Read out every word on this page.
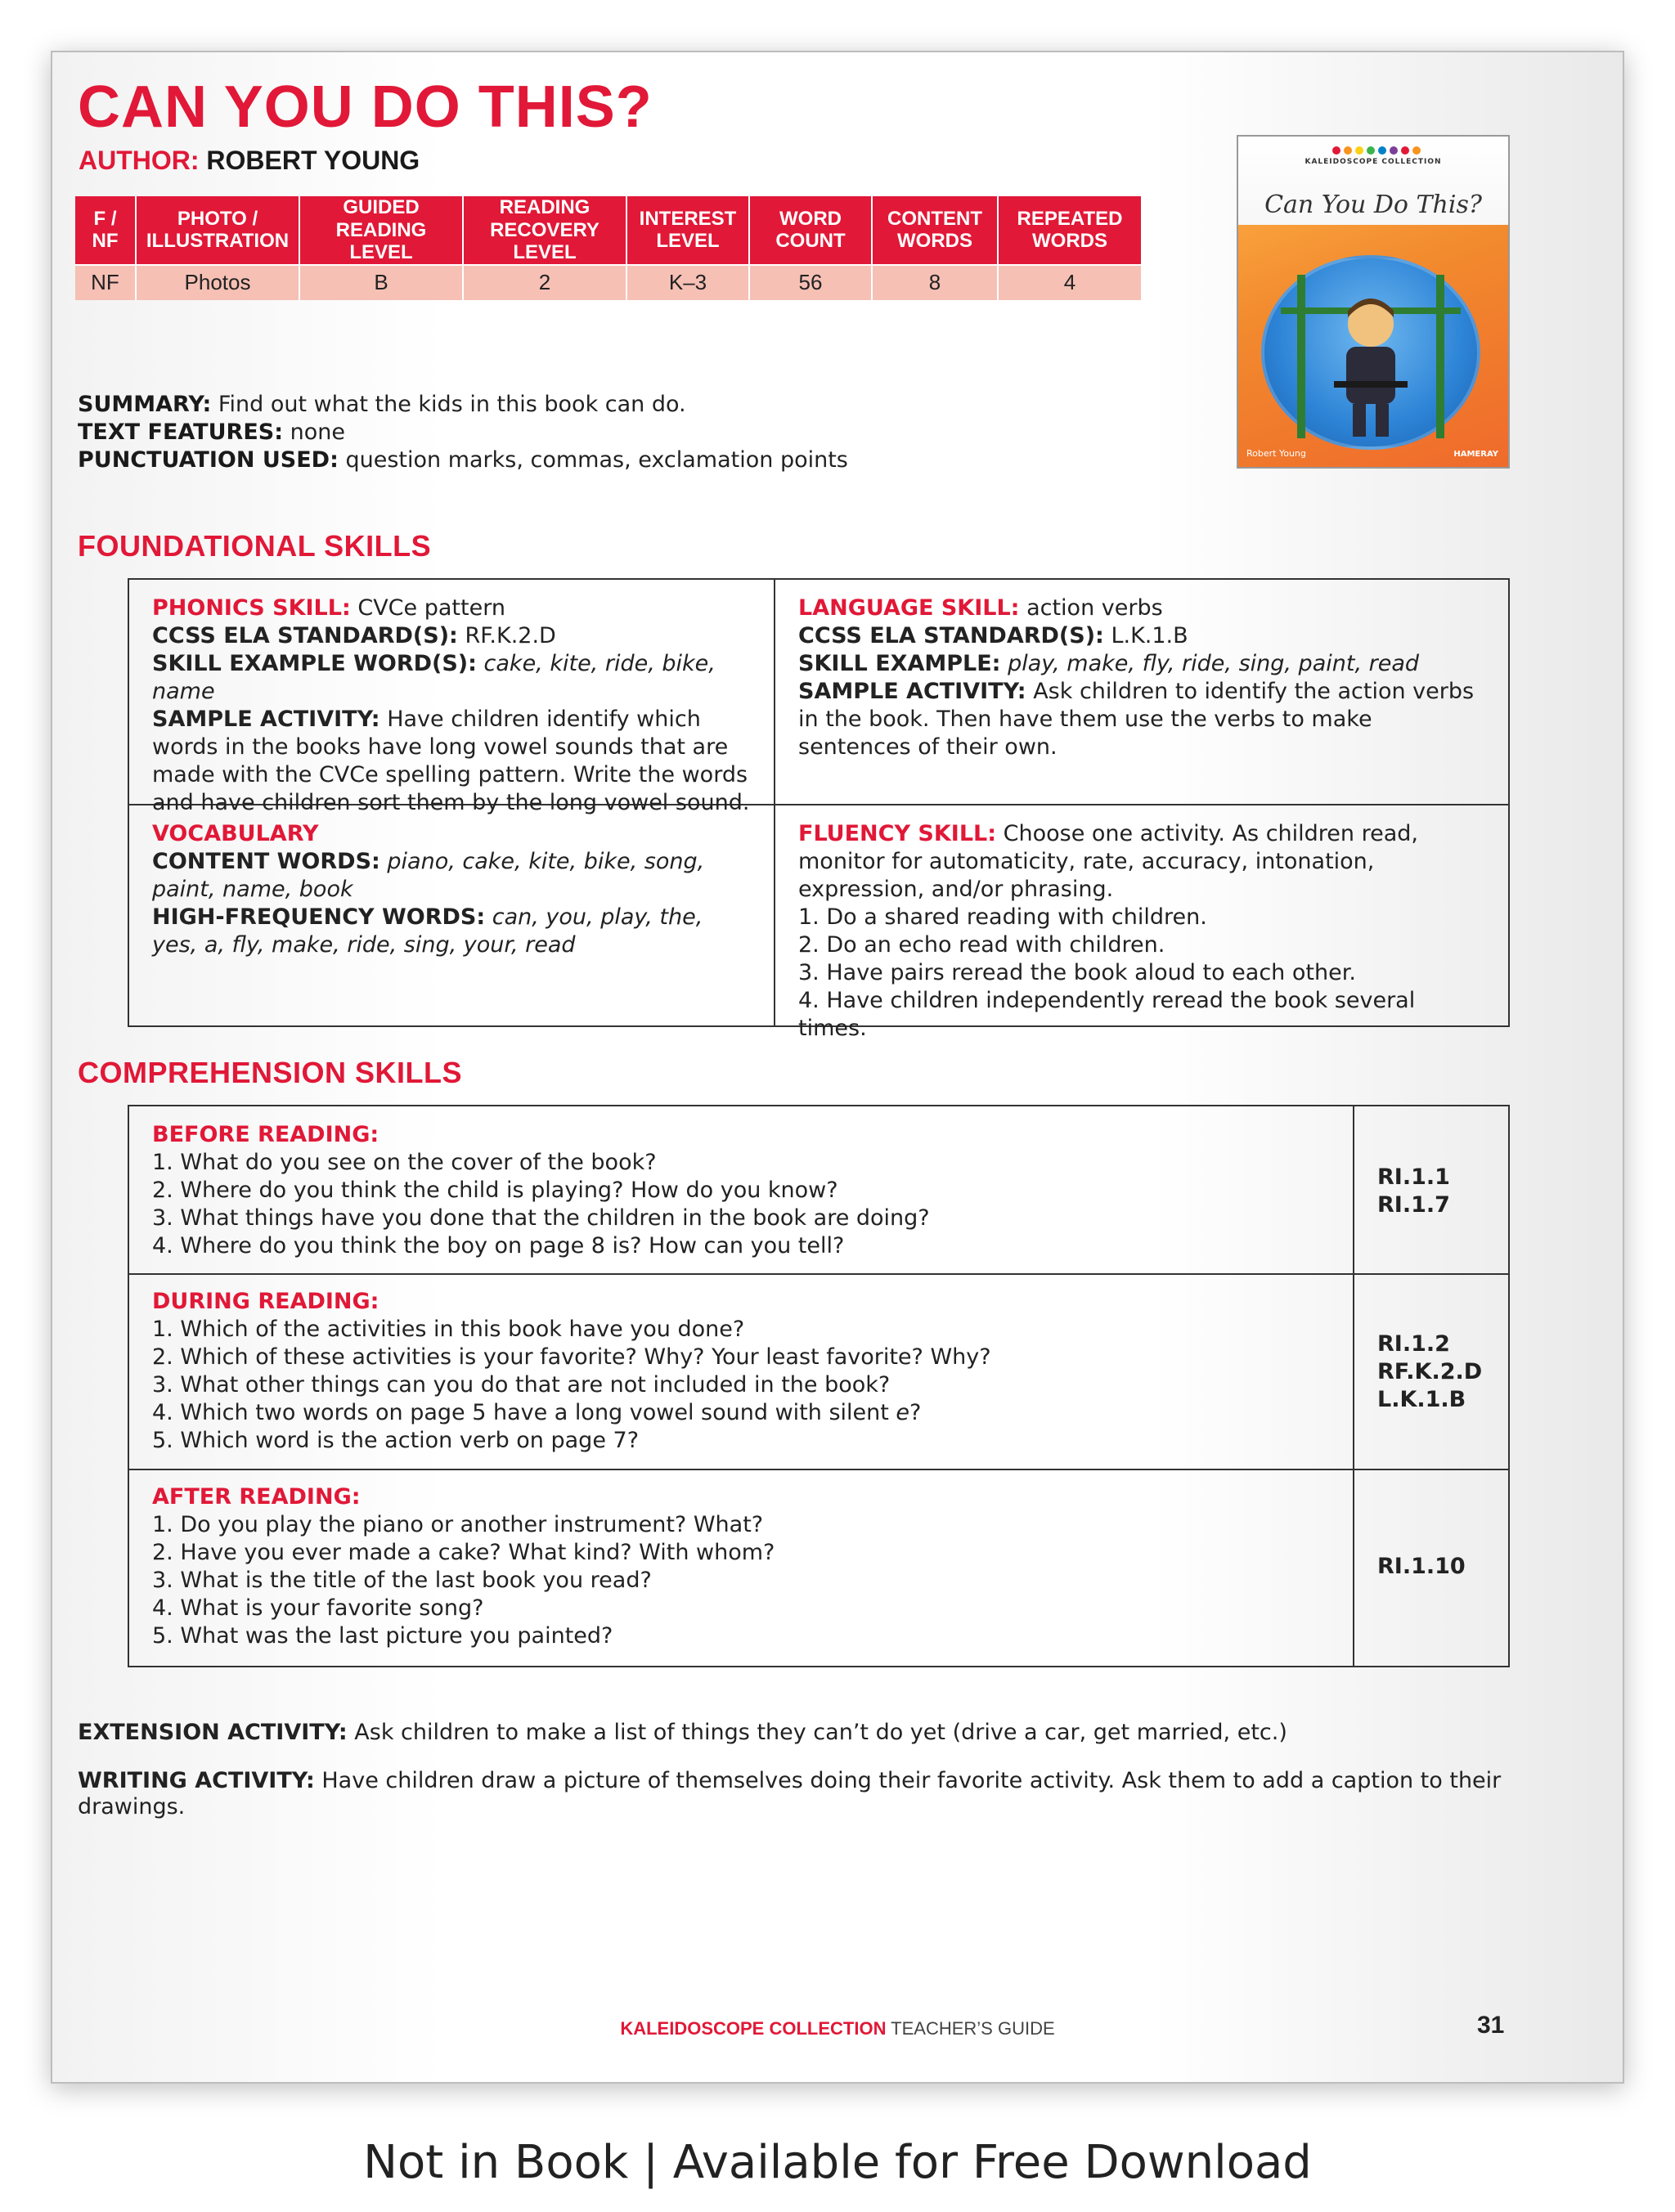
CAN YOU DO THIS?
AUTHOR: ROBERT YOUNG
F / NF	PHOTO / ILLUSTRATION	GUIDED READING LEVEL	READING RECOVERY LEVEL	INTEREST LEVEL	WORD COUNT	CONTENT WORDS	REPEATED WORDS
NF	Photos	B	2	K–3	56	8	4
SUMMARY: Find out what the kids in this book can do.
TEXT FEATURES: none
PUNCTUATION USED: question marks, commas, exclamation points
KALEIDOSCOPE COLLECTION
Can You Do This?
Robert Young	HAMERAY
FOUNDATIONAL SKILLS
PHONICS SKILL: CVCe pattern
CCSS ELA STANDARD(S): RF.K.2.D
SKILL EXAMPLE WORD(S): cake, kite, ride, bike, name
SAMPLE ACTIVITY: Have children identify which words in the books have long vowel sounds that are made with the CVCe spelling pattern. Write the words and have children sort them by the long vowel sound.
LANGUAGE SKILL: action verbs
CCSS ELA STANDARD(S): L.K.1.B
SKILL EXAMPLE: play, make, fly, ride, sing, paint, read
SAMPLE ACTIVITY: Ask children to identify the action verbs in the book. Then have them use the verbs to make sentences of their own.
VOCABULARY
CONTENT WORDS: piano, cake, kite, bike, song, paint, name, book
HIGH-FREQUENCY WORDS: can, you, play, the, yes, a, fly, make, ride, sing, your, read
FLUENCY SKILL: Choose one activity. As children read, monitor for automaticity, rate, accuracy, intonation, expression, and/or phrasing.
1. Do a shared reading with children.
2. Do an echo read with children.
3. Have pairs reread the book aloud to each other.
4. Have children independently reread the book several times.
COMPREHENSION SKILLS
BEFORE READING:
1. What do you see on the cover of the book?
2. Where do you think the child is playing? How do you know?
3. What things have you done that the children in the book are doing?
4. Where do you think the boy on page 8 is? How can you tell?
RI.1.1
RI.1.7
DURING READING:
1. Which of the activities in this book have you done?
2. Which of these activities is your favorite? Why? Your least favorite? Why?
3. What other things can you do that are not included in the book?
4. Which two words on page 5 have a long vowel sound with silent e?
5. Which word is the action verb on page 7?
RI.1.2
RF.K.2.D
L.K.1.B
AFTER READING:
1. Do you play the piano or another instrument? What?
2. Have you ever made a cake? What kind? With whom?
3. What is the title of the last book you read?
4. What is your favorite song?
5. What was the last picture you painted?
RI.1.10
EXTENSION ACTIVITY: Ask children to make a list of things they can’t do yet (drive a car, get married, etc.)
WRITING ACTIVITY: Have children draw a picture of themselves doing their favorite activity. Ask them to add a caption to their drawings.
KALEIDOSCOPE COLLECTION TEACHER’S GUIDE	31
Not in Book | Available for Free Download
